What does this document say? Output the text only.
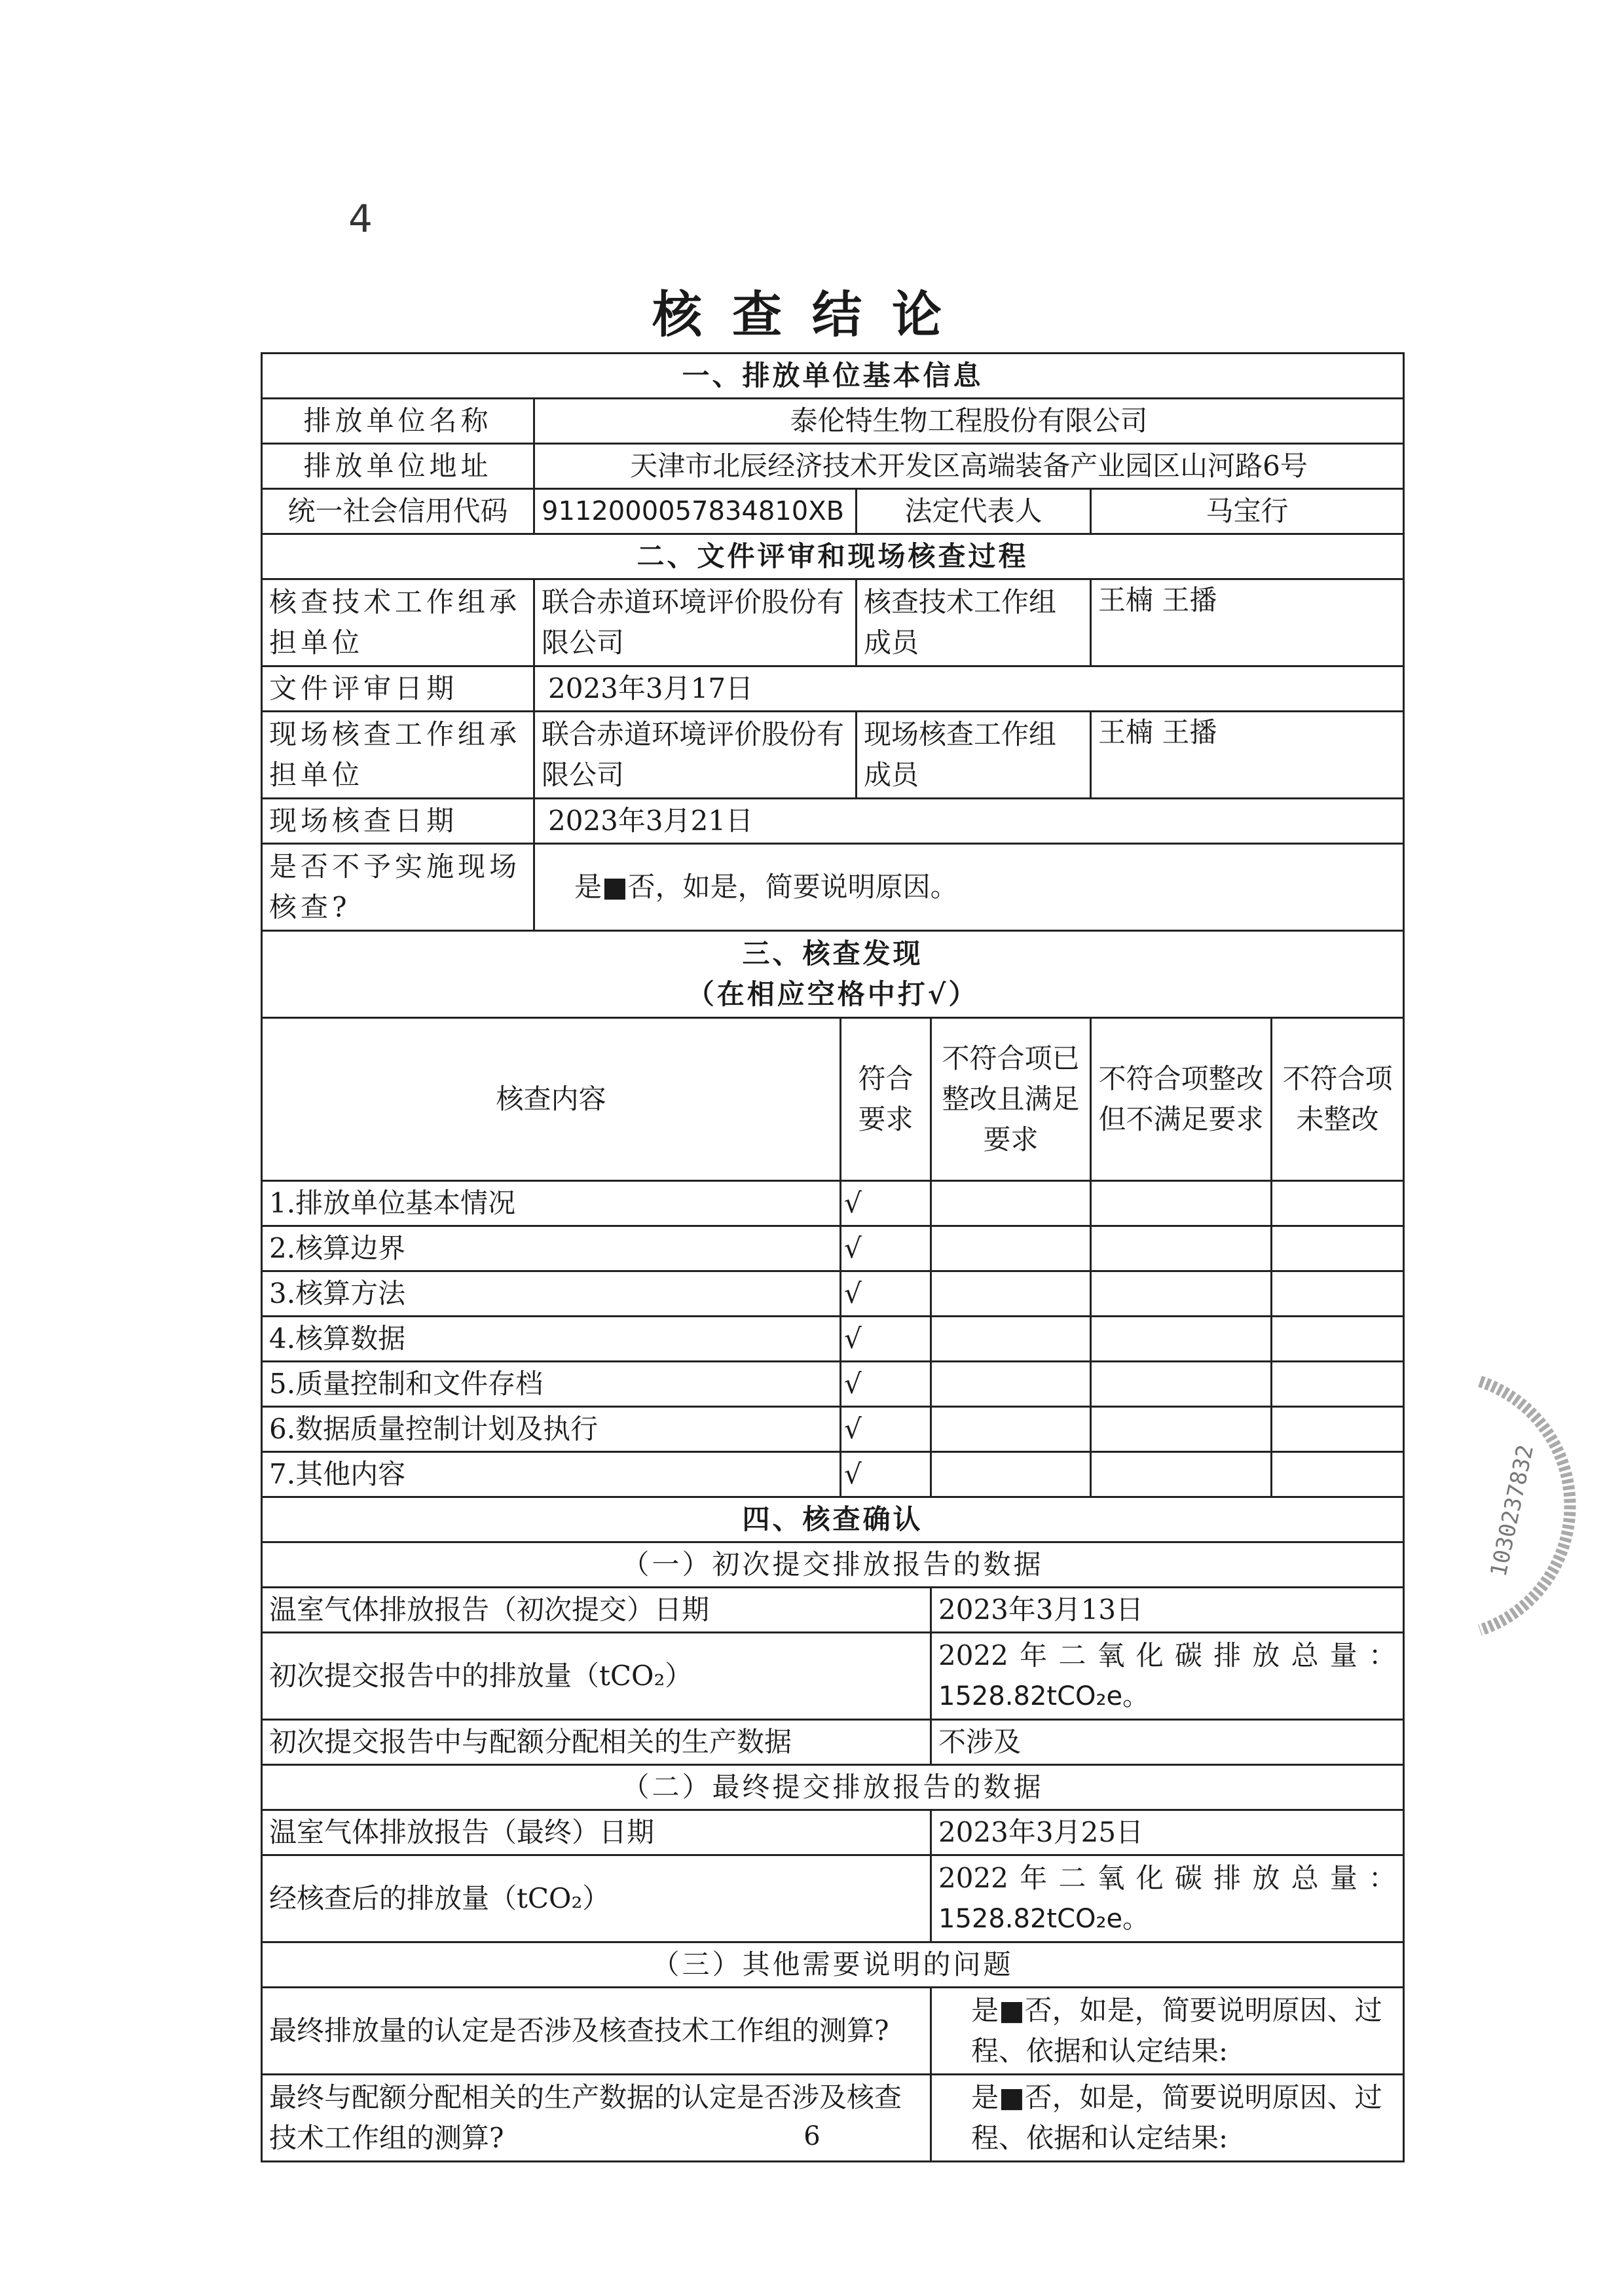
4
核查结论
一、排放单位基本信息						
排放单位名称	泰伦特生物工程股份有限公司					
排放单位地址	天津市北辰经济技术开发区高端装备产业园区山河路6号					
统一社会信用代码	9112000057834810XB		法定代表人		马宝行	
二、文件评审和现场核查过程						
核查技术工作组承担单位	联合赤道环境评价股份有限公司		核查技术工作组成员		王楠 王播	
文件评审日期	2023年3月17日					
现场核查工作组承担单位	联合赤道环境评价股份有限公司		现场核查工作组成员		王楠 王播	
现场核查日期	2023年3月21日					
是否不予实施现场核查?	是■否，如是，简要说明原因。					

三、核查发现
（在相应空格中打√）						

核查内容		符合要求		不符合项已整改且满足要求	不符合项整改但不满足要求	不符合项未整改
1.排放单位基本情况		√				
2.核算边界		√				
3.核算方法		√				
4.核算数据		√				
5.质量控制和文件存档		√				
6.数据质量控制计划及执行		√				
7.其他内容		√				
四、核查确认						
（一）初次提交排放报告的数据						
温室气体排放报告（初次提交）日期				2023年3月13日		
初次提交报告中的排放量（tCO₂）				2022年二氧化碳排放总量：
1528.82tCO₂e。		

初次提交报告中与配额分配相关的生产数据				不涉及		
（二）最终提交排放报告的数据						
温室气体排放报告（最终）日期				2023年3月25日		
经核查后的排放量（tCO₂）				2022年二氧化碳排放总量：
1528.82tCO₂e。		

（三）其他需要说明的问题						
最终排放量的认定是否涉及核查技术工作组的测算?				是■否，如是，简要说明原因、过程、依据和认定结果:		
最终与配额分配相关的生产数据的认定是否涉及核查技术工作组的测算?				是■否，如是，简要说明原因、过程、依据和认定结果:		
1030237832
6
